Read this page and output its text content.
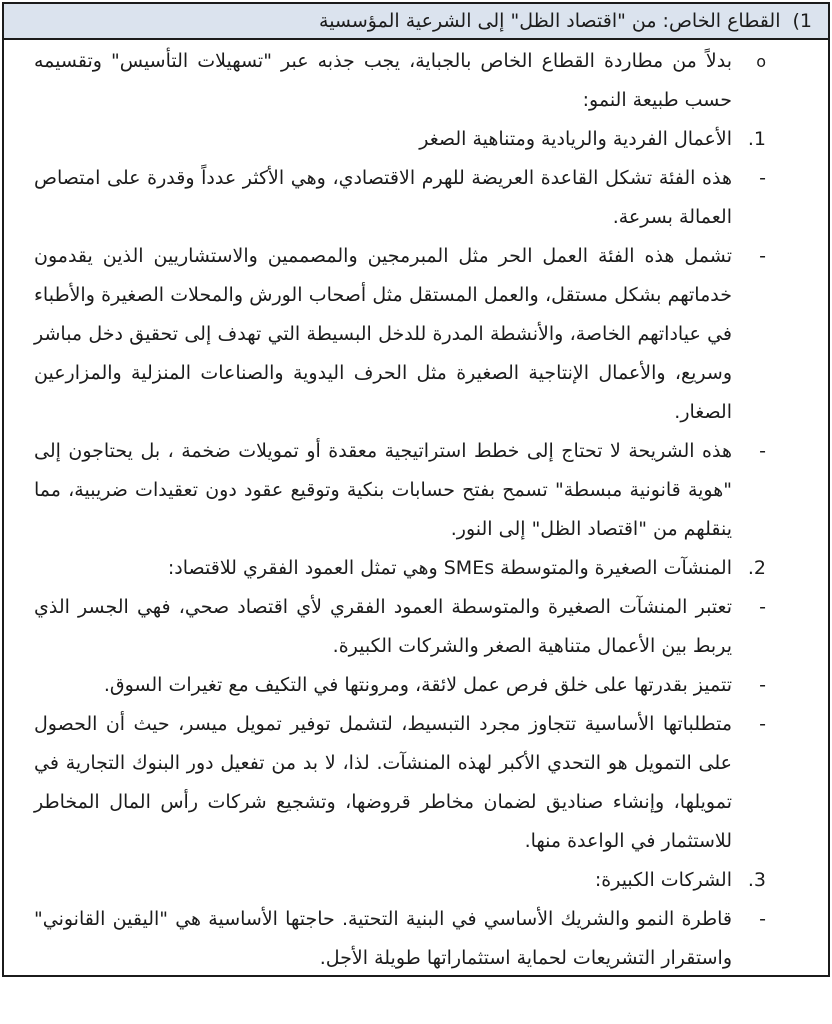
1)
القطاع الخاص: من "اقتصاد الظل" إلى الشرعية المؤسسية
o
بدلاً من مطاردة القطاع الخاص بالجباية، يجب جذبه عبر "تسهيلات التأسيس" وتقسيمه حسب طبيعة النمو:
1.
الأعمال الفردية والريادية ومتناهية الصغر
-
هذه الفئة تشكل القاعدة العريضة للهرم الاقتصادي، وهي الأكثر عدداً وقدرة على امتصاص العمالة بسرعة.
-
تشمل هذه الفئة العمل الحر مثل المبرمجين والمصممين والاستشاريين الذين يقدمون خدماتهم بشكل مستقل، والعمل المستقل مثل أصحاب الورش والمحلات الصغيرة والأطباء في عياداتهم الخاصة، والأنشطة المدرة للدخل البسيطة التي تهدف إلى تحقيق دخل مباشر وسريع، والأعمال الإنتاجية الصغيرة مثل الحرف اليدوية والصناعات المنزلية والمزارعين الصغار.
-
هذه الشريحة لا تحتاج إلى خطط استراتيجية معقدة أو تمويلات ضخمة ، بل يحتاجون إلى "هوية قانونية مبسطة" تسمح بفتح حسابات بنكية وتوقيع عقود دون تعقيدات ضريبية، مما ينقلهم من "اقتصاد الظل" إلى النور.
2.
المنشآت الصغيرة والمتوسطة SMEs وهي تمثل العمود الفقري للاقتصاد:
-
تعتبر المنشآت الصغيرة والمتوسطة العمود الفقري لأي اقتصاد صحي، فهي الجسر الذي يربط بين الأعمال متناهية الصغر والشركات الكبيرة.
-
تتميز بقدرتها على خلق فرص عمل لائقة، ومرونتها في التكيف مع تغيرات السوق.
-
متطلباتها الأساسية تتجاوز مجرد التبسيط، لتشمل توفير تمويل ميسر، حيث أن الحصول على التمويل هو التحدي الأكبر لهذه المنشآت. لذا، لا بد من تفعيل دور البنوك التجارية في تمويلها، وإنشاء صناديق لضمان مخاطر قروضها، وتشجيع شركات رأس المال المخاطر للاستثمار في الواعدة منها.
3.
الشركات الكبيرة:
-
قاطرة النمو والشريك الأساسي في البنية التحتية. حاجتها الأساسية هي "اليقين القانوني" واستقرار التشريعات لحماية استثماراتها طويلة الأجل.
